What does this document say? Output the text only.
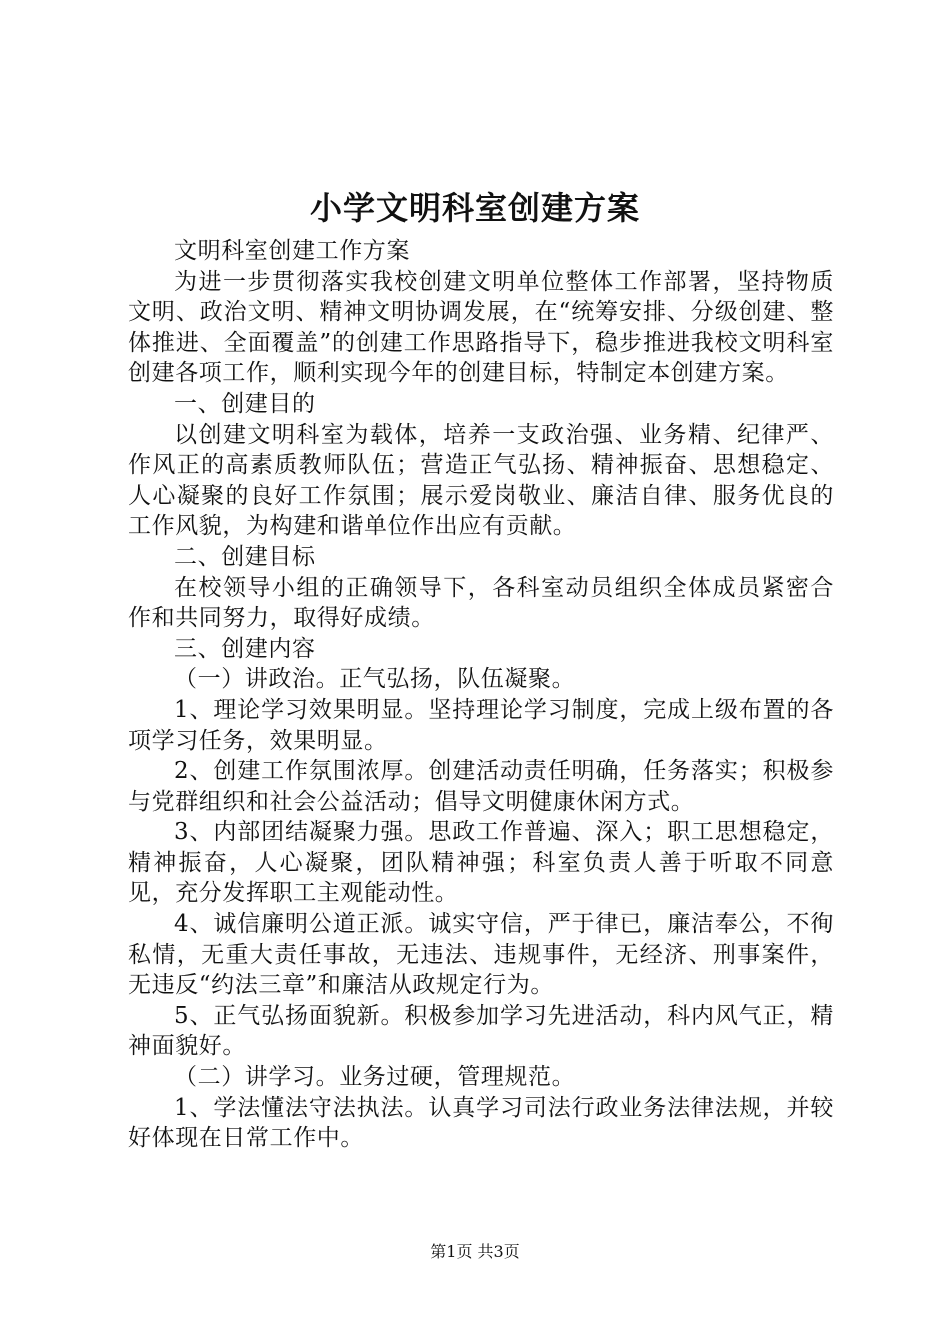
小学文明科室创建方案

文明科室创建工作方案

为进一步贯彻落实我校创建文明单位整体工作部署，坚持物质文明、政治文明、精神文明协调发展，在“统筹安排、分级创建、整体推进、全面覆盖”的创建工作思路指导下，稳步推进我校文明科室创建各项工作，顺利实现今年的创建目标，特制定本创建方案。

一、创建目的

以创建文明科室为载体，培养一支政治强、业务精、纪律严、作风正的高素质教师队伍；营造正气弘扬、精神振奋、思想稳定、人心凝聚的良好工作氛围；展示爱岗敬业、廉洁自律、服务优良的工作风貌，为构建和谐单位作出应有贡献。

二、创建目标

在校领导小组的正确领导下，各科室动员组织全体成员紧密合作和共同努力，取得好成绩。

三、创建内容

（一）讲政治。正气弘扬，队伍凝聚。

1、理论学习效果明显。坚持理论学习制度，完成上级布置的各项学习任务，效果明显。

2、创建工作氛围浓厚。创建活动责任明确，任务落实；积极参与党群组织和社会公益活动；倡导文明健康休闲方式。

3、内部团结凝聚力强。思政工作普遍、深入；职工思想稳定，精神振奋，人心凝聚，团队精神强；科室负责人善于听取不同意见，充分发挥职工主观能动性。

4、诚信廉明公道正派。诚实守信，严于律已，廉洁奉公，不徇私情，无重大责任事故，无违法、违规事件，无经济、刑事案件，无违反“约法三章”和廉洁从政规定行为。

5、正气弘扬面貌新。积极参加学习先进活动，科内风气正，精神面貌好。

（二）讲学习。业务过硬，管理规范。

1、学法懂法守法执法。认真学习司法行政业务法律法规，并较好体现在日常工作中。

第1页 共3页
